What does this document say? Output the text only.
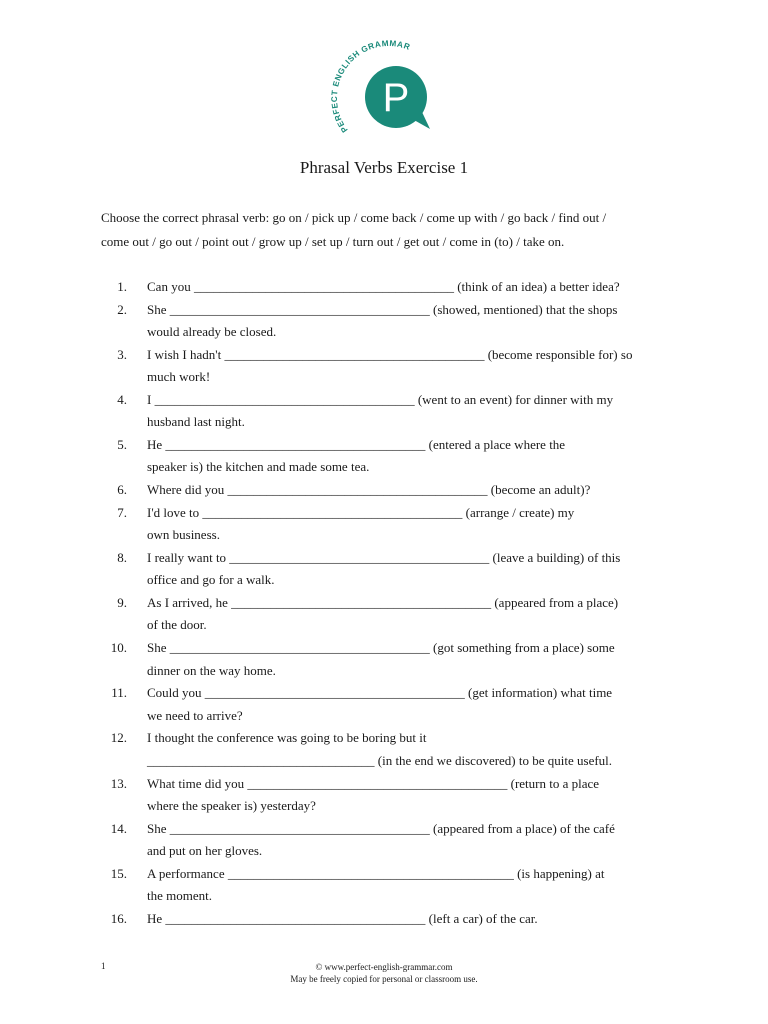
PERFECT ENGLISH GRAMMAR
P
Phrasal Verbs Exercise 1
Choose the correct phrasal verb: go on / pick up / come back / come up with / go back / find out /
come out / go out / point out / grow up / set up / turn out / get out / come in (to) / take on.
1. Can you ________________________________________ (think of an idea) a better idea?
2. She ________________________________________ (showed, mentioned) that the shops
would already be closed.
3. I wish I hadn't ________________________________________ (become responsible for) so
much work!
4. I ________________________________________ (went to an event) for dinner with my
husband last night.
5. He ________________________________________ (entered a place where the
speaker is) the kitchen and made some tea.
6. Where did you ________________________________________ (become an adult)?
7. I'd love to ________________________________________ (arrange / create) my
own business.
8. I really want to ________________________________________ (leave a building) of this
office and go for a walk.
9. As I arrived, he ________________________________________ (appeared from a place)
of the door.
10. She ________________________________________ (got something from a place) some
dinner on the way home.
11. Could you ________________________________________ (get information) what time
we need to arrive?
12. I thought the conference was going to be boring but it
___________________________________ (in the end we discovered) to be quite useful.
13. What time did you ________________________________________ (return to a place
where the speaker is) yesterday?
14. She ________________________________________ (appeared from a place) of the café
and put on her gloves.
15. A performance ____________________________________________ (is happening) at
the moment.
16. He ________________________________________ (left a car) of the car.
1	© www.perfect-english-grammar.com
May be freely copied for personal or classroom use.
